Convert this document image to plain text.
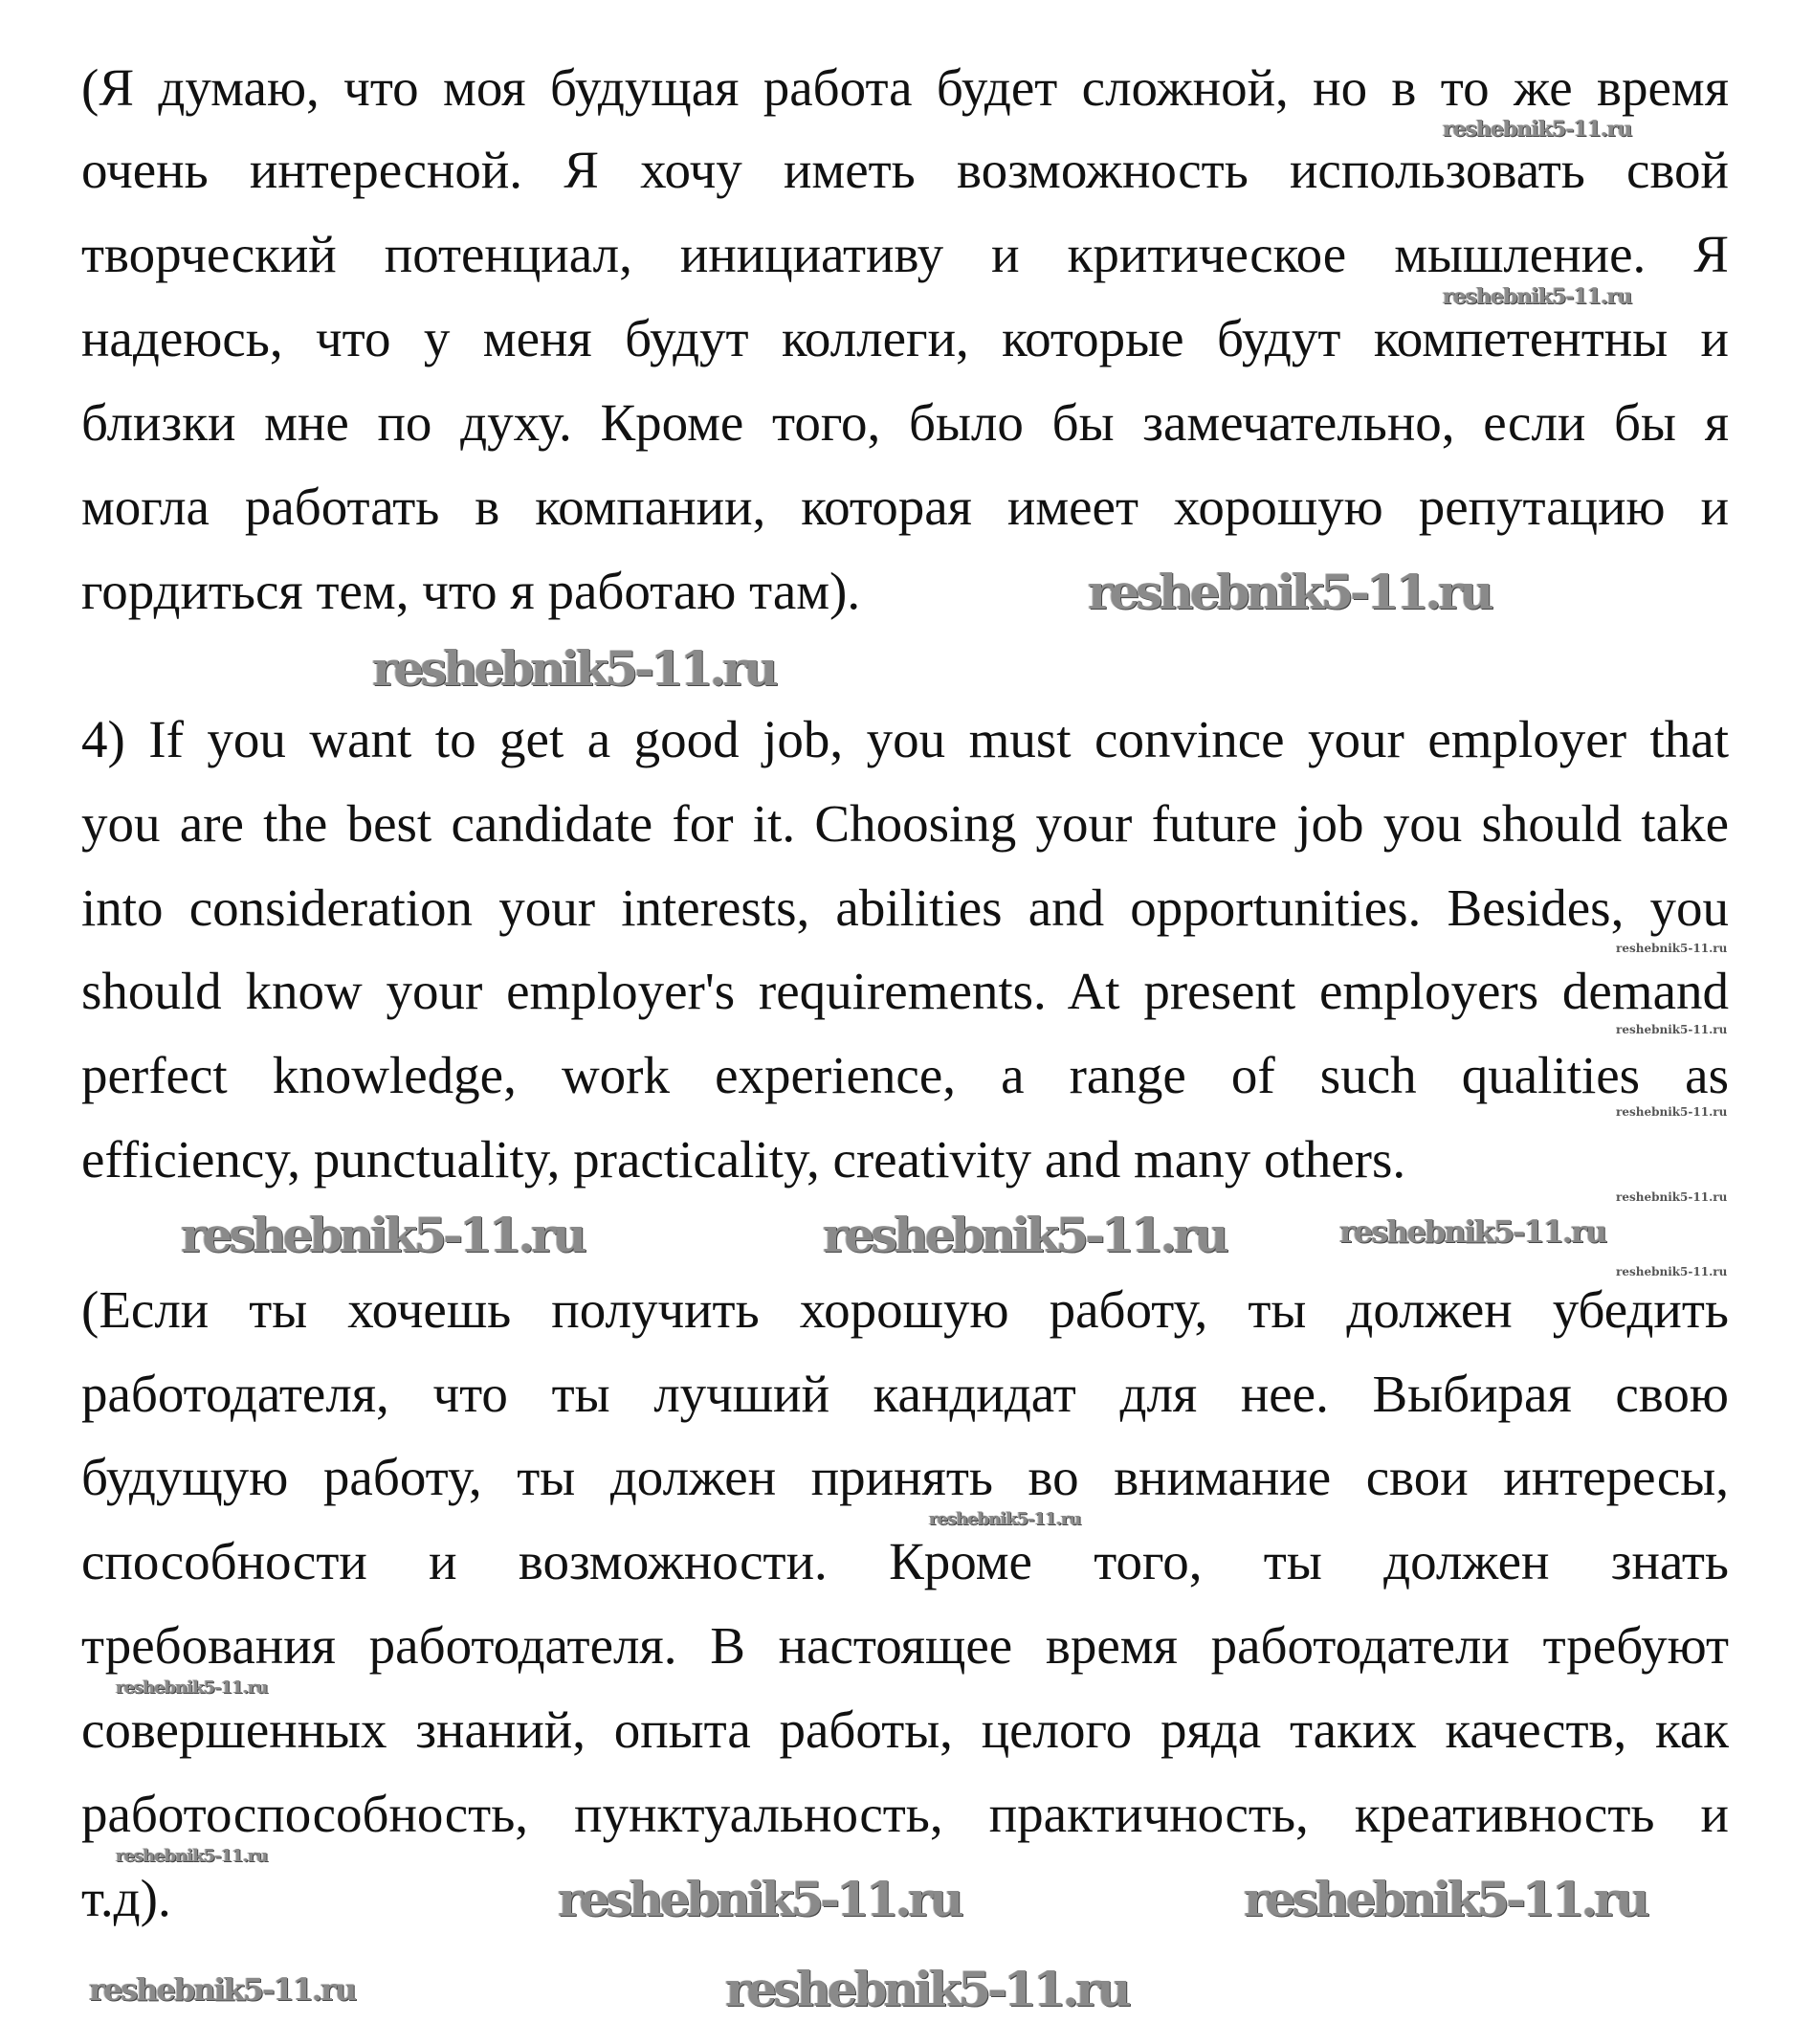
(Я думаю, что моя будущая работа будет сложной, но в то же время
очень интересной. Я хочу иметь возможность использовать свой
творческий потенциал, инициативу и критическое мышление. Я
надеюсь, что у меня будут коллеги, которые будут компетентны и
близки мне по духу. Кроме того, было бы замечательно, если бы я
могла работать в компании, которая имеет хорошую репутацию и
гордиться тем, что я работаю там).
4) If you want to get a good job, you must convince your employer that
you are the best candidate for it. Choosing your future job you should take
into consideration your interests, abilities and opportunities. Besides, you
should know your employer's requirements. At present employers demand
perfect knowledge, work experience, a range of such qualities as
efficiency, punctuality, practicality, creativity and many others.
(Если ты хочешь получить хорошую работу, ты должен убедить
работодателя, что ты лучший кандидат для нее. Выбирая свою
будущую работу, ты должен принять во внимание свои интересы,
способности и возможности. Кроме того, ты должен знать
требования работодателя. В настоящее время работодатели требуют
совершенных знаний, опыта работы, целого ряда таких качеств, как
работоспособность, пунктуальность, практичность, креативность и
т.д).
reshebnik5-11.ru
reshebnik5-11.ru
reshebnik5-11.ru
reshebnik5-11.ru
reshebnik5-11.ru
reshebnik5-11.ru
reshebnik5-11.ru
reshebnik5-11.ru
reshebnik5-11.ru
reshebnik5-11.ru	reshebnik5-11.ru	reshebnik5-11.ru
reshebnik5-11.ru
reshebnik5-11.ru
reshebnik5-11.ru
reshebnik5-11.ru	reshebnik5-11.ru
reshebnik5-11.ru	reshebnik5-11.ru
